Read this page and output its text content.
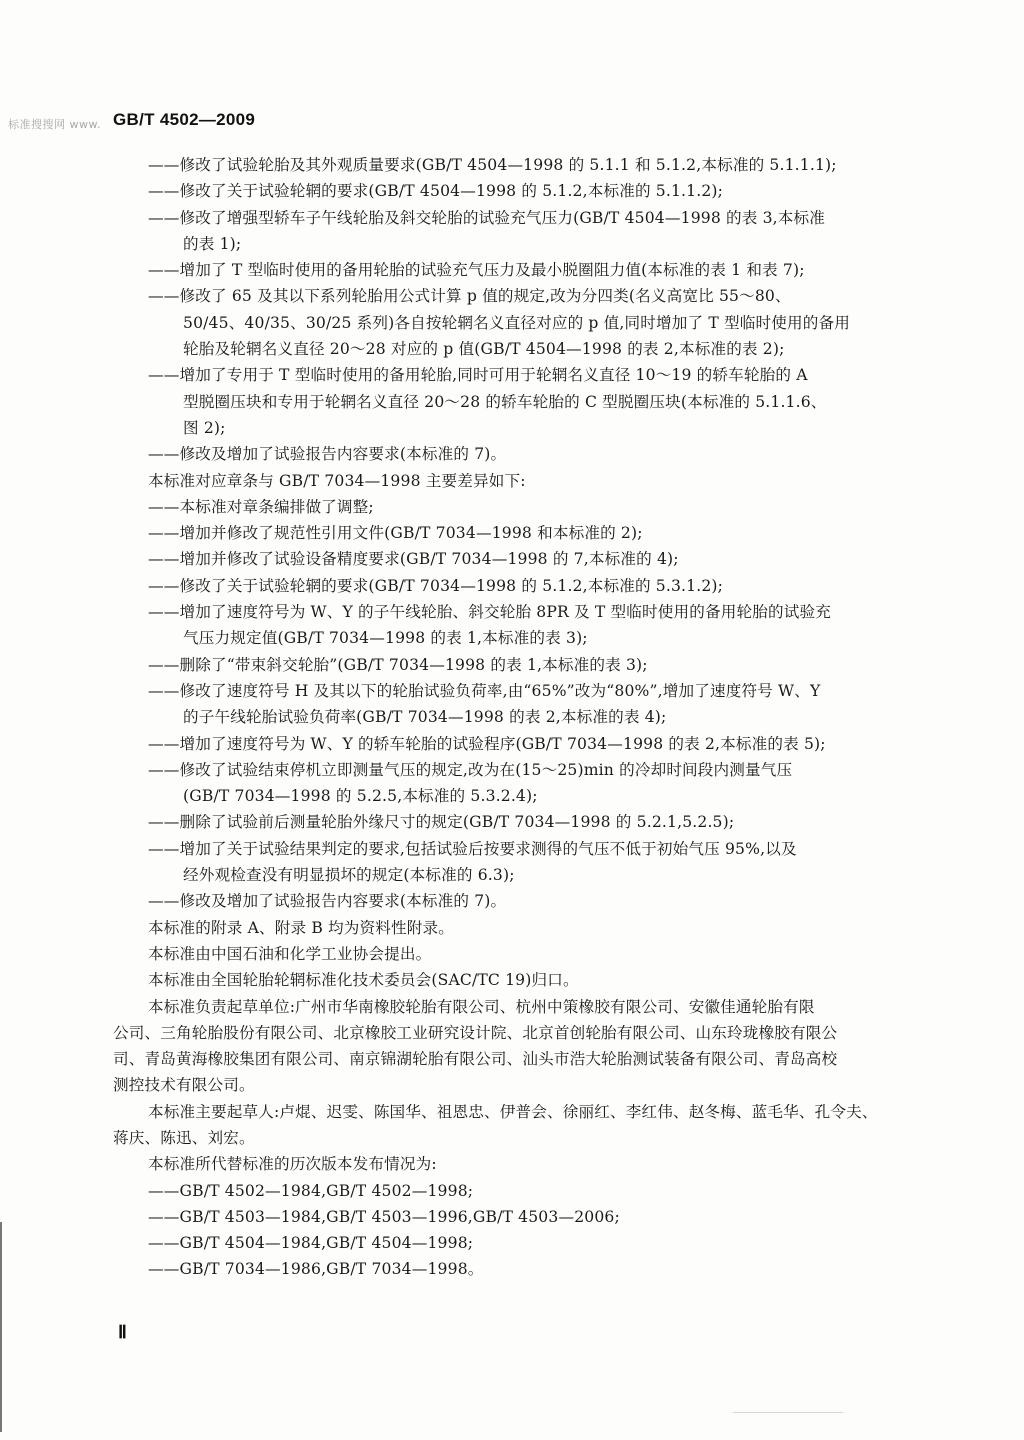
标准搜搜网 www. GB/T 4502—2009
——修改了试验轮胎及其外观质量要求(GB/T 4504—1998 的 5.1.1 和 5.1.2,本标准的 5.1.1.1);
——修改了关于试验轮辋的要求(GB/T 4504—1998 的 5.1.2,本标准的 5.1.1.2);
——修改了增强型轿车子午线轮胎及斜交轮胎的试验充气压力(GB/T 4504—1998 的表 3,本标准
的表 1);
——增加了 T 型临时使用的备用轮胎的试验充气压力及最小脱圈阻力值(本标准的表 1 和表 7);
——修改了 65 及其以下系列轮胎用公式计算 p 值的规定,改为分四类(名义高宽比 55～80、
50/45、40/35、30/25 系列)各自按轮辋名义直径对应的 p 值,同时增加了 T 型临时使用的备用
轮胎及轮辋名义直径 20～28 对应的 p 值(GB/T 4504—1998 的表 2,本标准的表 2);
——增加了专用于 T 型临时使用的备用轮胎,同时可用于轮辋名义直径 10～19 的轿车轮胎的 A
型脱圈压块和专用于轮辋名义直径 20～28 的轿车轮胎的 C 型脱圈压块(本标准的 5.1.1.6、
图 2);
——修改及增加了试验报告内容要求(本标准的 7)。
本标准对应章条与 GB/T 7034—1998 主要差异如下:
——本标准对章条编排做了调整;
——增加并修改了规范性引用文件(GB/T 7034—1998 和本标准的 2);
——增加并修改了试验设备精度要求(GB/T 7034—1998 的 7,本标准的 4);
——修改了关于试验轮辋的要求(GB/T 7034—1998 的 5.1.2,本标准的 5.3.1.2);
——增加了速度符号为 W、Y 的子午线轮胎、斜交轮胎 8PR 及 T 型临时使用的备用轮胎的试验充
气压力规定值(GB/T 7034—1998 的表 1,本标准的表 3);
——删除了“带束斜交轮胎”(GB/T 7034—1998 的表 1,本标准的表 3);
——修改了速度符号 H 及其以下的轮胎试验负荷率,由“65%”改为“80%”,增加了速度符号 W、Y
的子午线轮胎试验负荷率(GB/T 7034—1998 的表 2,本标准的表 4);
——增加了速度符号为 W、Y 的轿车轮胎的试验程序(GB/T 7034—1998 的表 2,本标准的表 5);
——修改了试验结束停机立即测量气压的规定,改为在(15～25)min 的冷却时间段内测量气压
(GB/T 7034—1998 的 5.2.5,本标准的 5.3.2.4);
——删除了试验前后测量轮胎外缘尺寸的规定(GB/T 7034—1998 的 5.2.1,5.2.5);
——增加了关于试验结果判定的要求,包括试验后按要求测得的气压不低于初始气压 95%,以及
经外观检查没有明显损坏的规定(本标准的 6.3);
——修改及增加了试验报告内容要求(本标准的 7)。
本标准的附录 A、附录 B 均为资料性附录。
本标准由中国石油和化学工业协会提出。
本标准由全国轮胎轮辋标准化技术委员会(SAC/TC 19)归口。
本标准负责起草单位:广州市华南橡胶轮胎有限公司、杭州中策橡胶有限公司、安徽佳通轮胎有限
公司、三角轮胎股份有限公司、北京橡胶工业研究设计院、北京首创轮胎有限公司、山东玲珑橡胶有限公
司、青岛黄海橡胶集团有限公司、南京锦湖轮胎有限公司、汕头市浩大轮胎测试装备有限公司、青岛高校
测控技术有限公司。
本标准主要起草人:卢焜、迟雯、陈国华、祖恩忠、伊普会、徐丽红、李红伟、赵冬梅、蓝毛华、孔令夫、
蒋庆、陈迅、刘宏。
本标准所代替标准的历次版本发布情况为:
——GB/T 4502—1984,GB/T 4502—1998;
——GB/T 4503—1984,GB/T 4503—1996,GB/T 4503—2006;
——GB/T 4504—1984,GB/T 4504—1998;
——GB/T 7034—1986,GB/T 7034—1998。
Ⅱ
